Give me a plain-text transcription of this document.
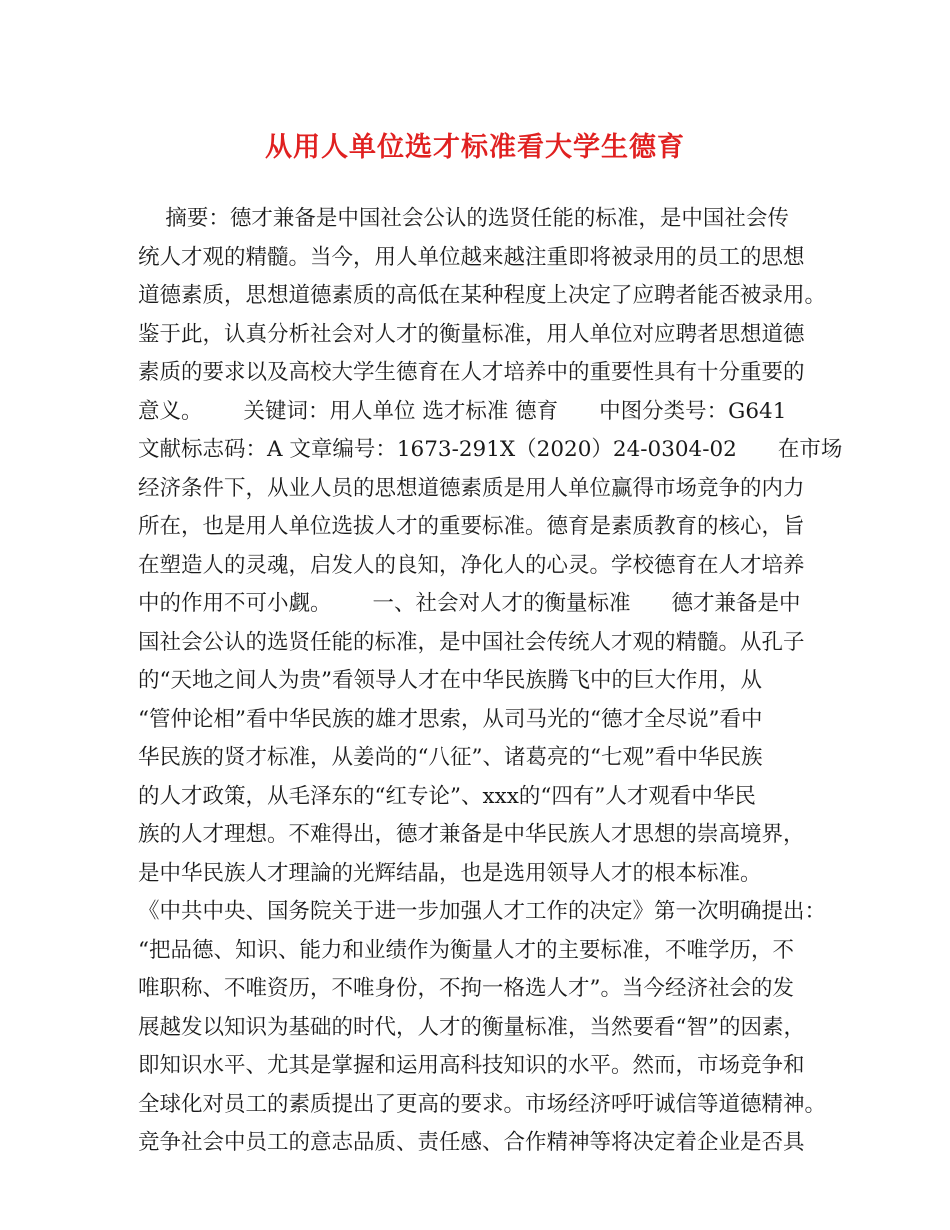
从用人单位选才标准看大学生德育
摘要：德才兼备是中国社会公认的选贤任能的标准，是中国社会传
统人才观的精髓。当今，用人单位越来越注重即将被录用的员工的思想
道德素质，思想道德素质的高低在某种程度上决定了应聘者能否被录用。
鉴于此，认真分析社会对人才的衡量标准，用人单位对应聘者思想道德
素质的要求以及高校大学生德育在人才培养中的重要性具有十分重要的
意义。      关键词：用人单位 选才标准 德育      中图分类号：G641
文献标志码：A 文章编号：1673-291X（2020）24-0304-02      在市场
经济条件下，从业人员的思想道德素质是用人单位赢得市场竞争的内力
所在，也是用人单位选拔人才的重要标准。德育是素质教育的核心，旨
在塑造人的灵魂，启发人的良知，净化人的心灵。学校德育在人才培养
中的作用不可小觑。      一、社会对人才的衡量标准      德才兼备是中
国社会公认的选贤任能的标准，是中国社会传统人才观的精髓。从孔子
的“天地之间人为贵”看领导人才在中华民族腾飞中的巨大作用，从
“管仲论相”看中华民族的雄才思索，从司马光的“德才全尽说”看中
华民族的贤才标准，从姜尚的“八征”、诸葛亮的“七观”看中华民族
的人才政策，从毛泽东的“红专论”、xxx的“四有”人才观看中华民
族的人才理想。不难得出，德才兼备是中华民族人才思想的崇高境界，
是中华民族人才理論的光辉结晶，也是选用领导人才的根本标准。
《中共中央、国务院关于进一步加强人才工作的决定》第一次明确提出：
“把品德、知识、能力和业绩作为衡量人才的主要标准，不唯学历，不
唯职称、不唯资历，不唯身份，不拘一格选人才”。当今经济社会的发
展越发以知识为基础的时代，人才的衡量标准，当然要看“智”的因素，
即知识水平、尤其是掌握和运用高科技知识的水平。然而，市场竞争和
全球化对员工的素质提出了更高的要求。市场经济呼吁诚信等道德精神。
竞争社会中员工的意志品质、责任感、合作精神等将决定着企业是否具
